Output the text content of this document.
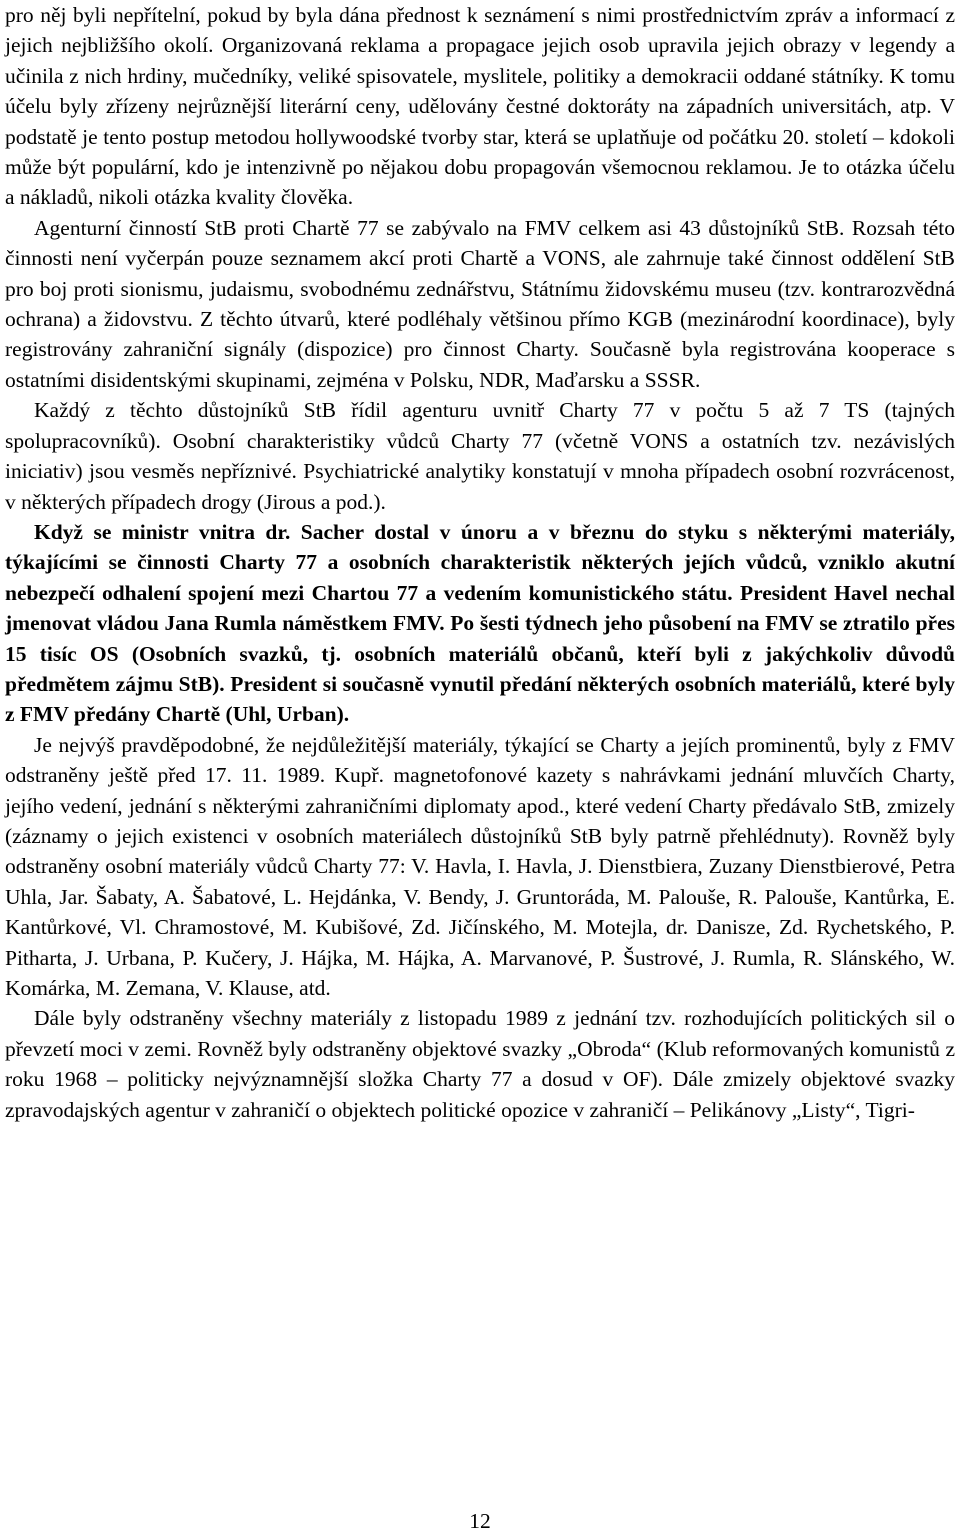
pro něj byli nepřítelní, pokud by byla dána přednost k seznámení s nimi prostřednictvím zpráv a informací z jejich nejbližšího okolí. Organizovaná reklama a propagace jejich osob upravila jejich obrazy v legendy a učinila z nich hrdiny, mučedníky, veliké spisovatele, myslitele, politiky a demokracii oddané státníky. K tomu účelu byly zřízeny nejrůznější literární ceny, udělovány čestné doktoráty na západních universitách, atp. V podstatě je tento postup metodou hollywoodské tvorby star, která se uplatňuje od počátku 20. století – kdokoli může být populární, kdo je intenzivně po nějakou dobu propagován všemocnou reklamou. Je to otázka účelu a nákladů, nikoli otázka kvality člověka.

Agenturní činností StB proti Chartě 77 se zabývalo na FMV celkem asi 43 důstojníků StB. Rozsah této činnosti není vyčerpán pouze seznamem akcí proti Chartě a VONS, ale zahrnuje také činnost oddělení StB pro boj proti sionismu, judaismu, svobodnému zednářstvu, Státnímu židovskému museu (tzv. kontrarozvědná ochrana) a židovstvu. Z těchto útvarů, které podléhaly většinou přímo KGB (mezinárodní koordinace), byly registrovány zahraniční signály (dispozice) pro činnost Charty. Současně byla registrována kooperace s ostatními disidentskými skupinami, zejména v Polsku, NDR, Maďarsku a SSSR.

Každý z těchto důstojníků StB řídil agenturu uvnitř Charty 77 v počtu 5 až 7 TS (tajných spolupracovníků). Osobní charakteristiky vůdců Charty 77 (včetně VONS a ostatních tzv. nezávislých iniciativ) jsou vesměs nepříznivé. Psychiatrické analytiky konstatují v mnoha případech osobní rozvrácenost, v některých případech drogy (Jirous a pod.).

Když se ministr vnitra dr. Sacher dostal v únoru a v březnu do styku s některými materiály, týkajícími se činnosti Charty 77 a osobních charakteristik některých jejích vůdců, vzniklo akutní nebezpečí odhalení spojení mezi Chartou 77 a vedením komunistického státu. President Havel nechal jmenovat vládou Jana Rumla náměstkem FMV. Po šesti týdnech jeho působení na FMV se ztratilo přes 15 tisíc OS (Osobních svazků, tj. osobních materiálů občanů, kteří byli z jakýchkoliv důvodů předmětem zájmu StB). President si současně vynutil předání některých osobních materiálů, které byly z FMV předány Chartě (Uhl, Urban).

Je nejvýš pravděpodobné, že nejdůležitější materiály, týkající se Charty a jejích prominentů, byly z FMV odstraněny ještě před 17. 11. 1989. Kupř. magnetofonové kazety s nahrávkami jednání mluvčích Charty, jejího vedení, jednání s některými zahraničními diplomaty apod., které vedení Charty předávalo StB, zmizely (záznamy o jejich existenci v osobních materiálech důstojníků StB byly patrně přehlédnuty). Rovněž byly odstraněny osobní materiály vůdců Charty 77: V. Havla, I. Havla, J. Dienstbiera, Zuzany Dienstbierové, Petra Uhla, Jar. Šabaty, A. Šabatové, L. Hejdánka, V. Bendy, J. Gruntoráda, M. Palouše, R. Palouše, Kantůrka, E. Kantůrkové, Vl. Chramostové, M. Kubišové, Zd. Jičínského, M. Motejla, dr. Danisze, Zd. Rychetského, P. Pitharta, J. Urbana, P. Kučery, J. Hájka, M. Hájka, A. Marvanové, P. Šustrové, J. Rumla, R. Slánského, W. Komárka, M. Zemana, V. Klause, atd.

Dále byly odstraněny všechny materiály z listopadu 1989 z jednání tzv. rozhodujících politických sil o převzetí moci v zemi. Rovněž byly odstraněny objektové svazky „Obroda“ (Klub reformovaných komunistů z roku 1968 – politicky nejvýznamnější složka Charty 77 a dosud v OF). Dále zmizely objektové svazky zpravodajských agentur v zahraničí o objektech politické opozice v zahraničí – Pelikánovy „Listy“, Tigri-

12
